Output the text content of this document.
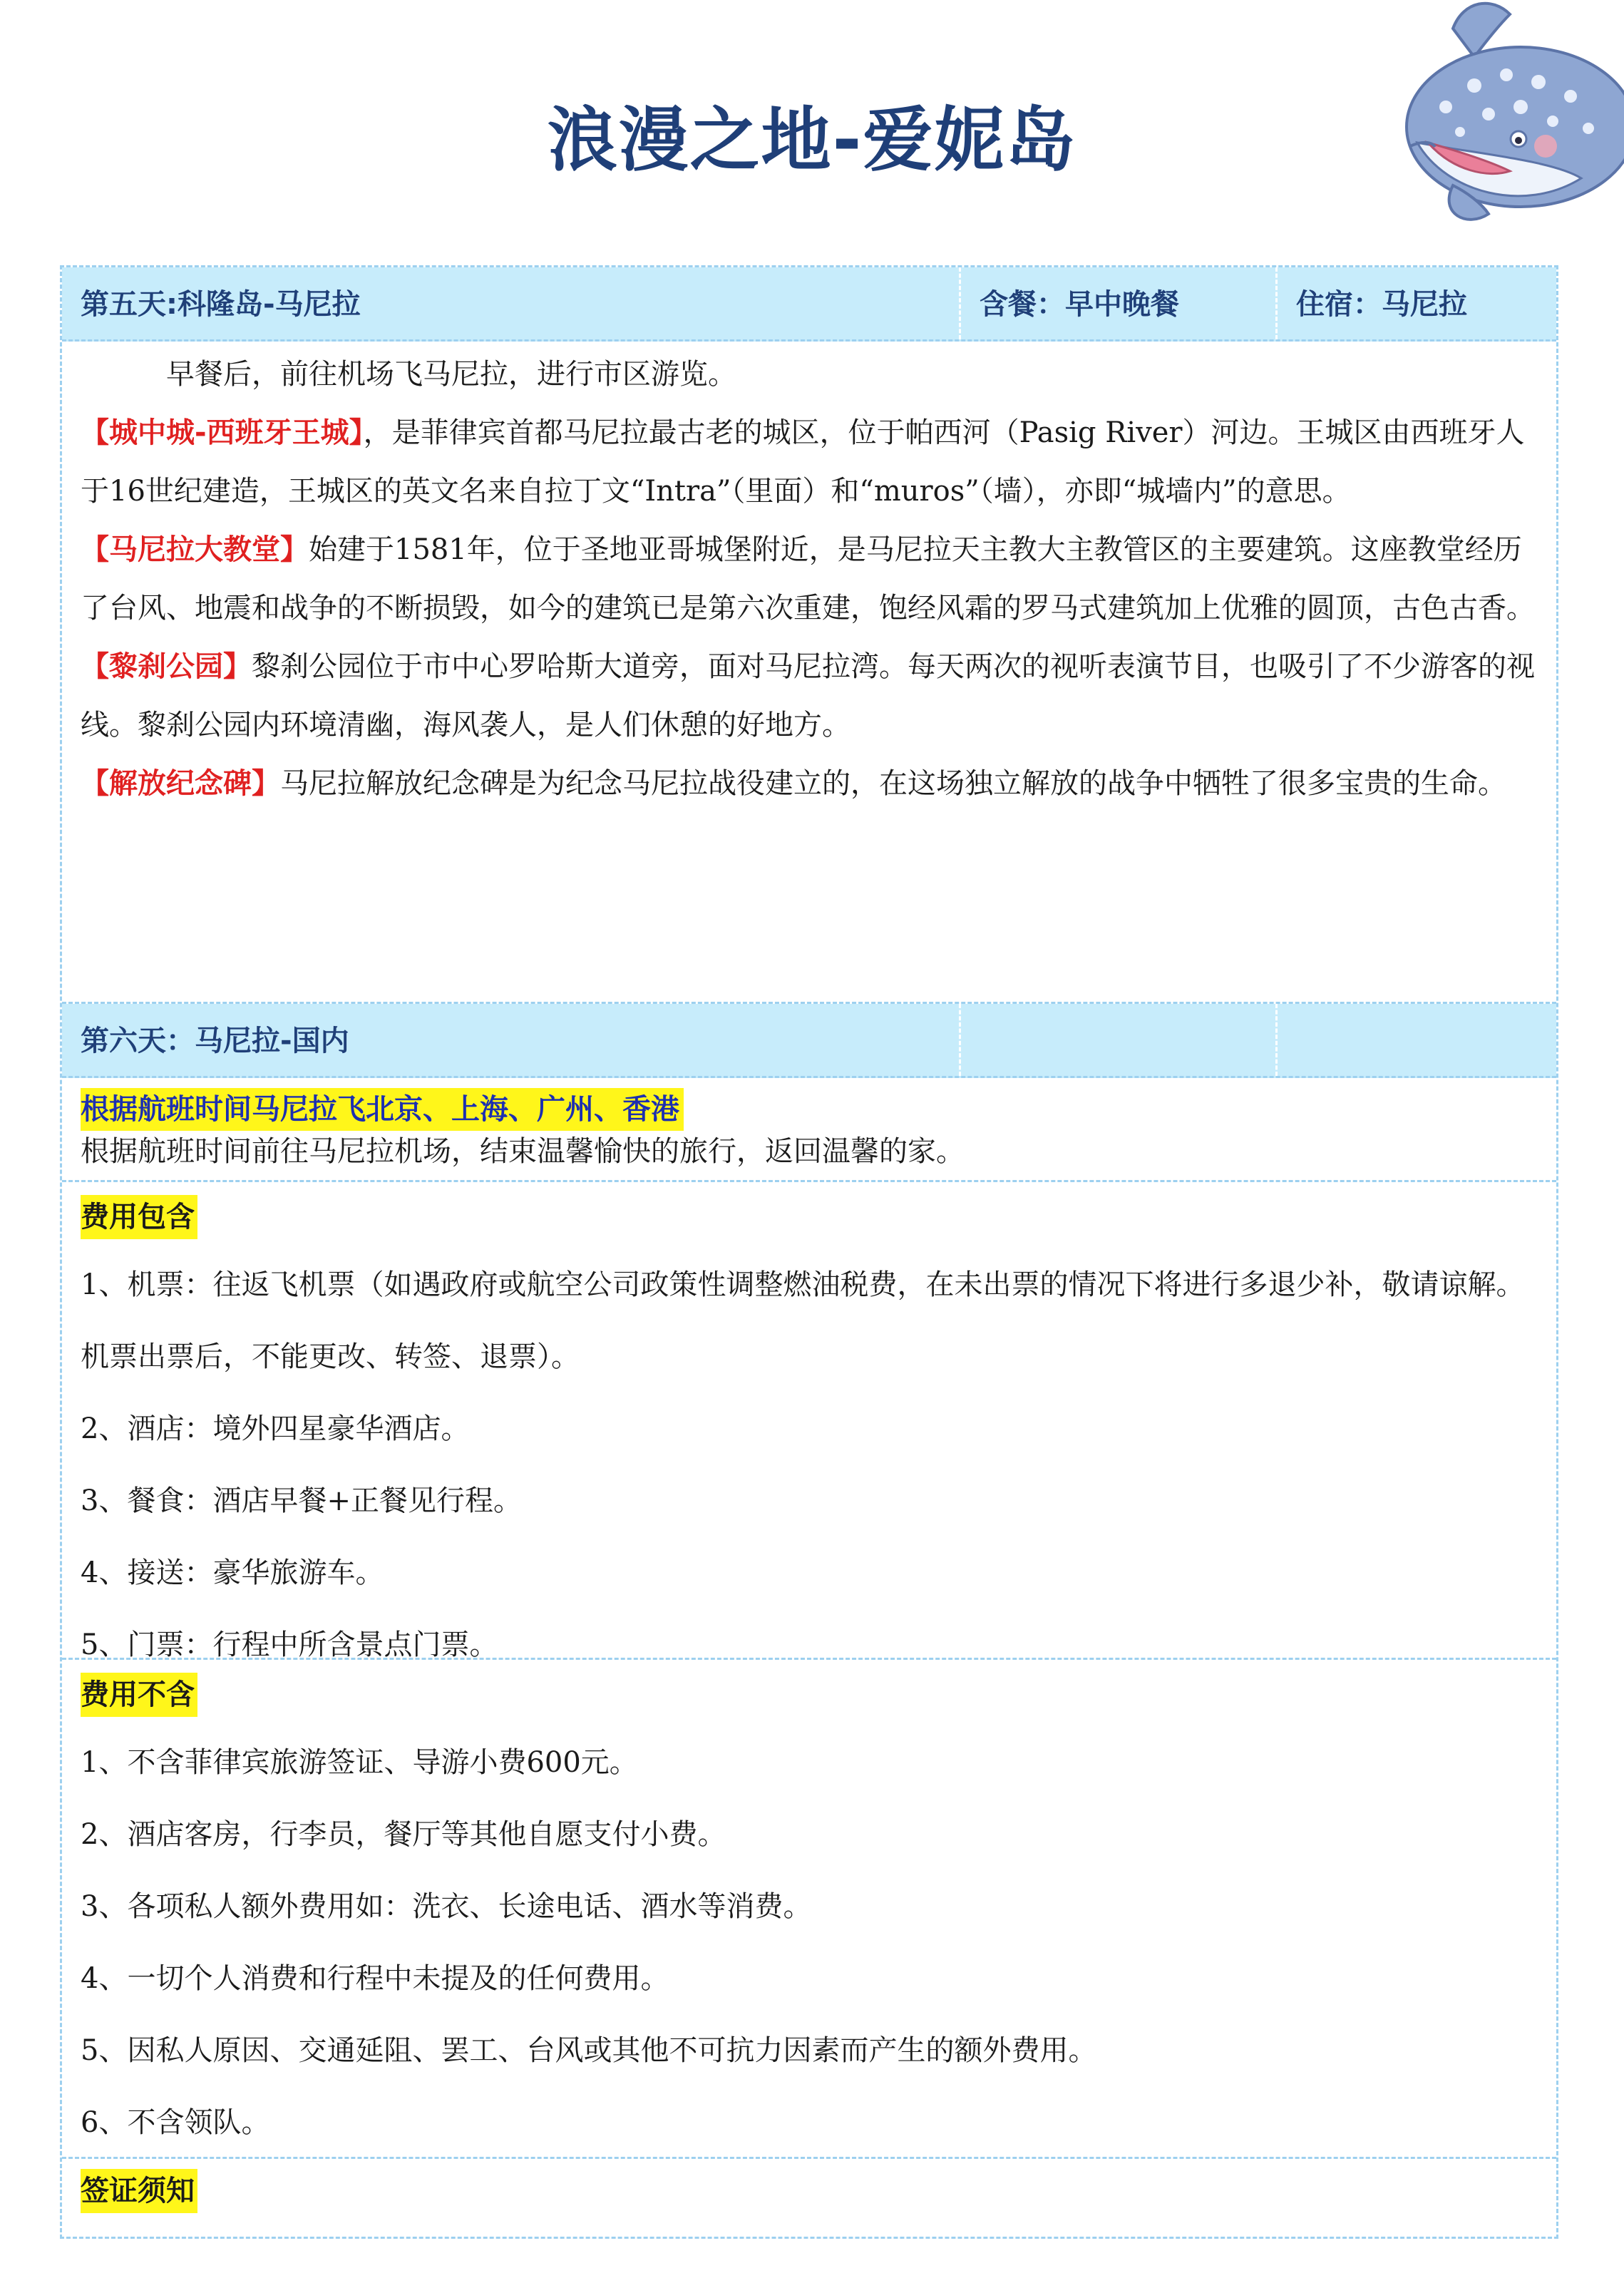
浪漫之地-爱妮岛
第五天:科隆岛-马尼拉	含餐：早中晚餐	住宿：马尼拉

早餐后，前往机场飞马尼拉，进行市区游览。

【城中城-西班牙王城】，是菲律宾首都马尼拉最古老的城区，位于帕西河（Pasig River）河边。王城区由西班牙人于16世纪建造，王城区的英文名来自拉丁文“Intra”（里面）和“muros”（墙），亦即“城墙内”的意思。

【马尼拉大教堂】始建于1581年，位于圣地亚哥城堡附近，是马尼拉天主教大主教管区的主要建筑。这座教堂经历了台风、地震和战争的不断损毁，如今的建筑已是第六次重建，饱经风霜的罗马式建筑加上优雅的圆顶，古色古香。

【黎刹公园】黎刹公园位于市中心罗哈斯大道旁，面对马尼拉湾。每天两次的视听表演节目，也吸引了不少游客的视线。黎刹公园内环境清幽，海风袭人，是人们休憩的好地方。

【解放纪念碑】马尼拉解放纪念碑是为纪念马尼拉战役建立的，在这场独立解放的战争中牺牲了很多宝贵的生命。

第六天：马尼拉-国内
根据航班时间马尼拉飞北京、上海、广州、香港
根据航班时间前往马尼拉机场，结束温馨愉快的旅行，返回温馨的家。
费用包含

1、机票：往返飞机票（如遇政府或航空公司政策性调整燃油税费，在未出票的情况下将进行多退少补，敬请谅解。机票出票后，不能更改、转签、退票）。

2、酒店：境外四星豪华酒店。

3、餐食：酒店早餐+正餐见行程。

4、接送：豪华旅游车。

5、门票：行程中所含景点门票。

费用不含

1、不含菲律宾旅游签证、导游小费600元。

2、酒店客房，行李员，餐厅等其他自愿支付小费。

3、各项私人额外费用如：洗衣、长途电话、酒水等消费。

4、一切个人消费和行程中未提及的任何费用。

5、因私人原因、交通延阻、罢工、台风或其他不可抗力因素而产生的额外费用。

6、不含领队。

签证须知
